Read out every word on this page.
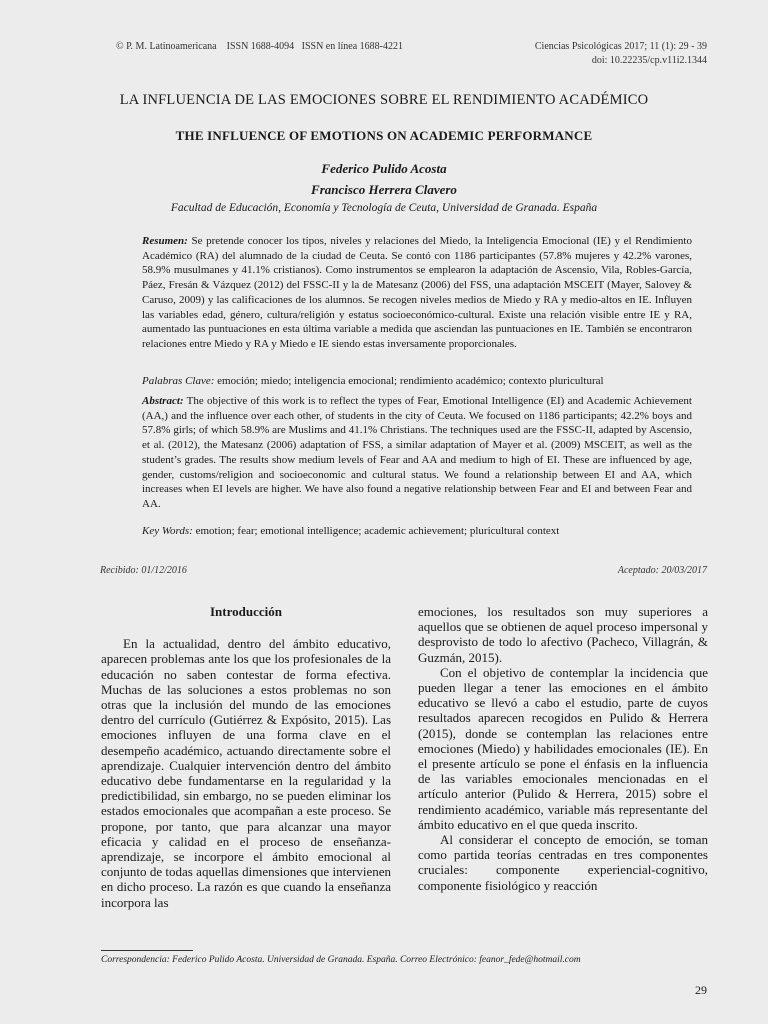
© P. M. Latinoamericana    ISSN 1688-4094   ISSN en línea 1688-4221	Ciencias Psicológicas 2017; 11 (1): 29 - 39
doi: 10.22235/cp.v11i2.1344
LA INFLUENCIA DE LAS EMOCIONES SOBRE EL RENDIMIENTO ACADÉMICO
THE INFLUENCE OF EMOTIONS ON ACADEMIC PERFORMANCE
Federico Pulido Acosta
Francisco Herrera Clavero
Facultad de Educación, Economía y Tecnología de Ceuta, Universidad de Granada. España
Resumen: Se pretende conocer los tipos, niveles y relaciones del Miedo, la Inteligencia Emocional (IE) y el Rendimiento Académico (RA) del alumnado de la ciudad de Ceuta. Se contó con 1186 participantes (57.8% mujeres y 42.2% varones, 58.9% musulmanes y 41.1% cristianos). Como instrumentos se emplearon la adaptación de Ascensio, Vila, Robles-García, Páez, Fresán & Vázquez (2012) del FSSC-II y la de Matesanz (2006) del FSS, una adaptación MSCEIT (Mayer, Salovey & Caruso, 2009) y las calificaciones de los alumnos. Se recogen niveles medios de Miedo y RA y medio-altos en IE. Influyen las variables edad, género, cultura/religión y estatus socioeconómico-cultural. Existe una relación visible entre IE y RA, aumentado las puntuaciones en esta última variable a medida que asciendan las puntuaciones en IE. También se encontraron relaciones entre Miedo y RA y Miedo e IE siendo estas inversamente proporcionales.
Palabras Clave: emoción; miedo; inteligencia emocional; rendimiento académico; contexto pluricultural
Abstract: The objective of this work is to reflect the types of Fear, Emotional Intelligence (EI) and Academic Achievement (AA,) and the influence over each other, of students in the city of Ceuta. We focused on 1186 participants; 42.2% boys and 57.8% girls; of which 58.9% are Muslims and 41.1% Christians. The techniques used are the FSSC-II, adapted by Ascensio, et al. (2012), the Matesanz (2006) adaptation of FSS, a similar adaptation of Mayer et al. (2009) MSCEIT, as well as the student’s grades. The results show medium levels of Fear and AA and medium to high of EI. These are influenced by age, gender, customs/religion and socioeconomic and cultural status. We found a relationship between EI and AA, which increases when EI levels are higher. We have also found a negative relationship between Fear and EI and between Fear and AA.
Key Words: emotion; fear; emotional intelligence; academic achievement; pluricultural context
Recibido: 01/12/2016	Aceptado: 20/03/2017

Introducción

En la actualidad, dentro del ámbito educativo, aparecen problemas ante los que los profesionales de la educación no saben contestar de forma efectiva. Muchas de las soluciones a estos problemas no son otras que la inclusión del mundo de las emociones dentro del currículo (Gutiérrez & Expósito, 2015). Las emociones influyen de una forma clave en el desempeño académico, actuando directamente sobre el aprendizaje. Cualquier intervención dentro del ámbito educativo debe fundamentarse en la regularidad y la predictibilidad, sin embargo, no se pueden eliminar los estados emocionales que acompañan a este proceso. Se propone, por tanto, que para alcanzar una mayor eficacia y calidad en el proceso de enseñanza-aprendizaje, se incorpore el ámbito emocional al conjunto de todas aquellas dimensiones que intervienen en dicho proceso. La razón es que cuando la enseñanza incorpora las

emociones, los resultados son muy superiores a aquellos que se obtienen de aquel proceso impersonal y desprovisto de todo lo afectivo (Pacheco, Villagrán, & Guzmán, 2015).

Con el objetivo de contemplar la incidencia que pueden llegar a tener las emociones en el ámbito educativo se llevó a cabo el estudio, parte de cuyos resultados aparecen recogidos en Pulido & Herrera (2015), donde se contemplan las relaciones entre emociones (Miedo) y habilidades emocionales (IE). En el presente artículo se pone el énfasis en la influencia de las variables emocionales mencionadas en el artículo anterior (Pulido & Herrera, 2015) sobre el rendimiento académico, variable más representante del ámbito educativo en el que queda inscrito.

Al considerar el concepto de emoción, se toman como partida teorías centradas en tres componentes cruciales: componente experiencial-cognitivo, componente fisiológico y reacción

Correspondencia: Federico Pulido Acosta. Universidad de Granada. España. Correo Electrónico: feanor_fede@hotmail.com
29
